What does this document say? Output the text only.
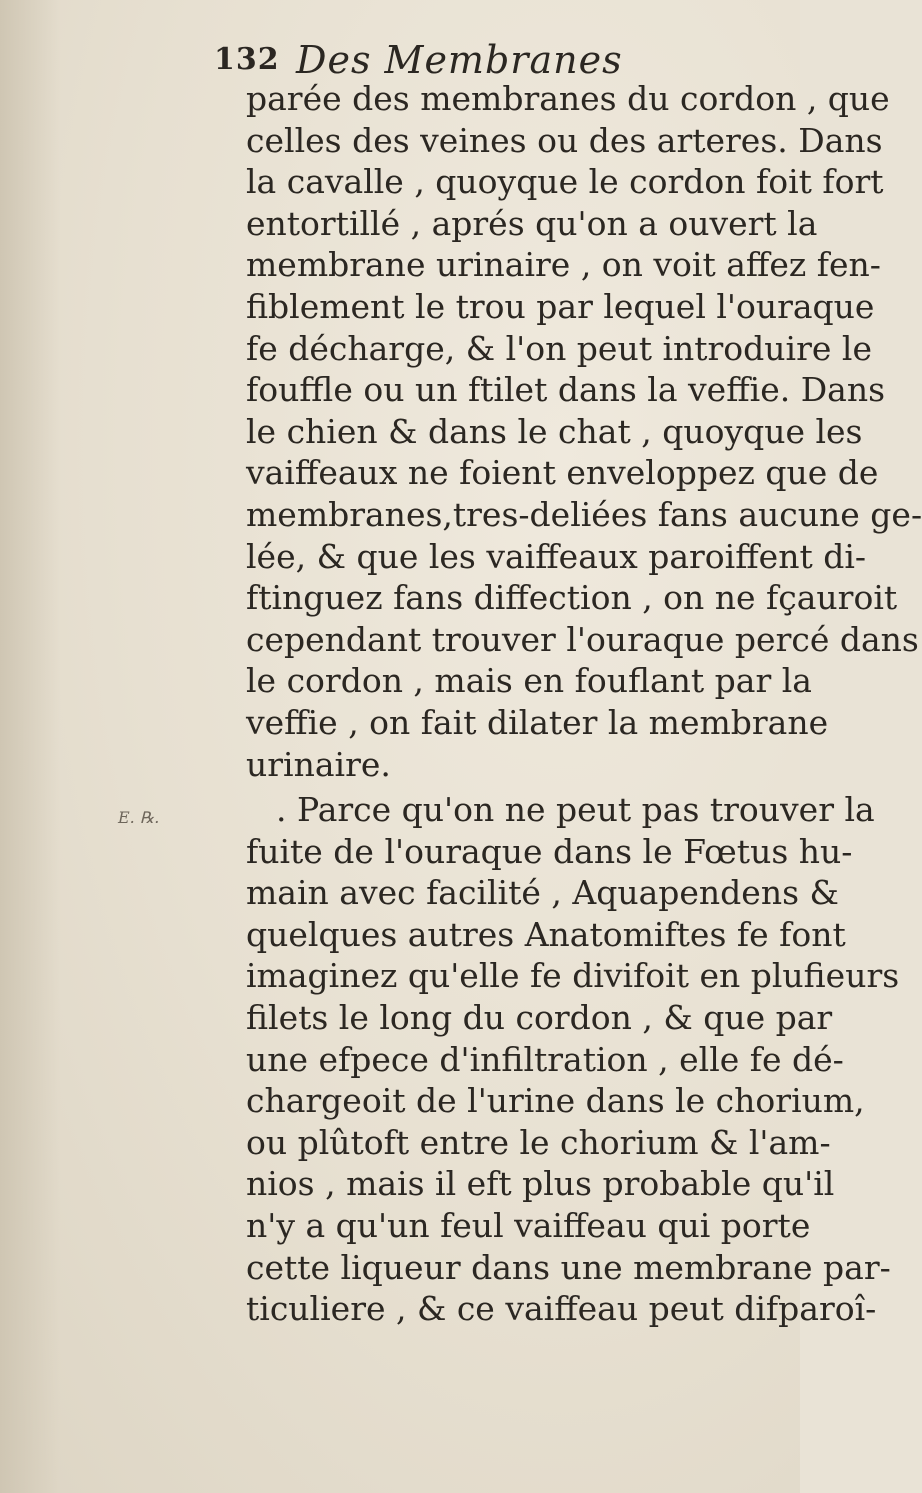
132 Des Membranes
E. ℞.
parée des membranes du cordon , que
celles des veines ou des arteres. Dans
la cavalle , quoyque le cordon foit fort
entortillé , aprés qu'on a ouvert la
membrane urinaire , on voit affez fen-
fiblement le trou par lequel l'ouraque
fe décharge, & l'on peut introduire le
fouffle ou un ftilet dans la veffie. Dans
le chien & dans le chat , quoyque les
vaiffeaux ne foient enveloppez que de
membranes,tres-deliées fans aucune ge-
lée, & que les vaiffeaux paroiffent di-
ftinguez fans diffection , on ne fçauroit
cependant trouver l'ouraque percé dans
le cordon , mais en fouflant par la
veffie , on fait dilater la membrane
urinaire.
. Parce qu'on ne peut pas trouver la
fuite de l'ouraque dans le Fœtus hu-
main avec facilité , Aquapendens &
quelques autres Anatomiftes fe font
imaginez qu'elle fe divifoit en plufieurs
filets le long du cordon , & que par
une efpece d'infiltration , elle fe dé-
chargeoit de l'urine dans le chorium,
ou plûtoft entre le chorium & l'am-
nios , mais il eft plus probable qu'il
n'y a qu'un feul vaiffeau qui porte
cette liqueur dans une membrane par-
ticuliere , & ce vaiffeau peut difparoî-
